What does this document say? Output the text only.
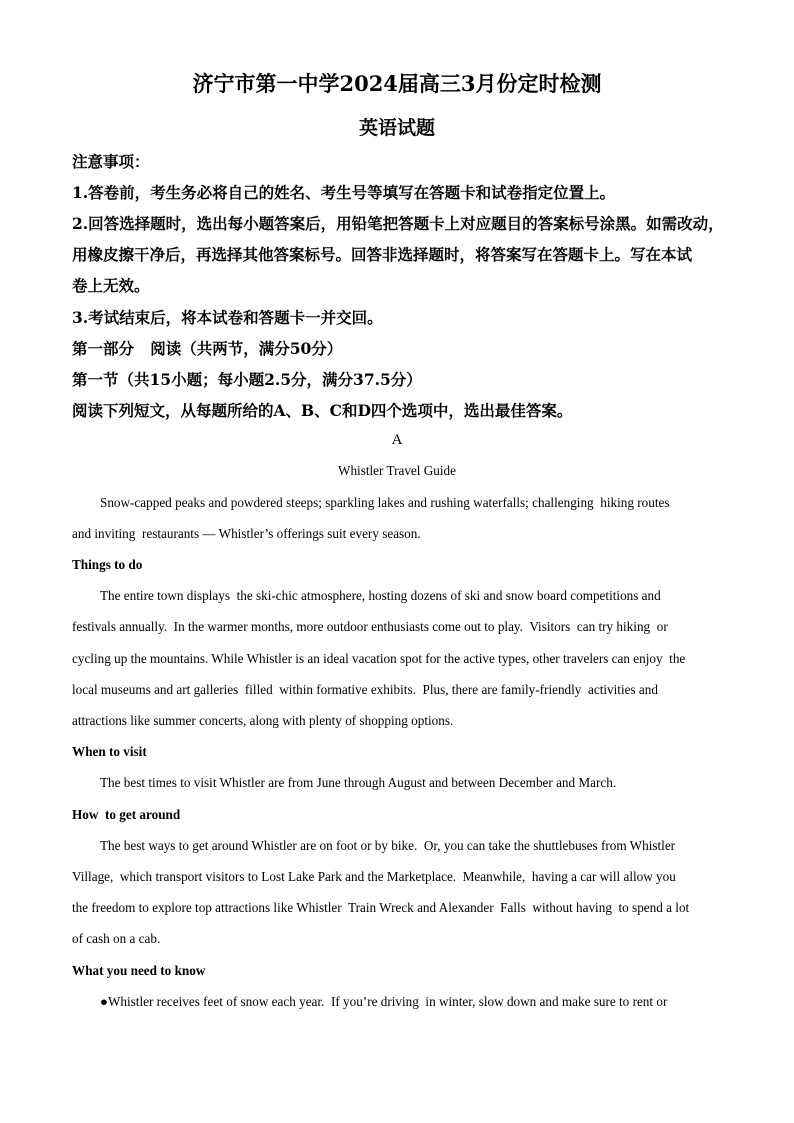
济宁市第一中学2024届高三3月份定时检测
英语试题
注意事项：
1.答卷前，考生务必将自己的姓名、考生号等填写在答题卡和试卷指定位置上。
2.回答选择题时，选出每小题答案后，用铅笔把答题卡上对应题目的答案标号涂黑。如需改动，
用橡皮擦干净后，再选择其他答案标号。回答非选择题时，将答案写在答题卡上。写在本试
卷上无效。
3.考试结束后，将本试卷和答题卡一并交回。
第一部分   阅读（共两节，满分50分）
第一节（共15小题；每小题2.5分，满分37.5分）
阅读下列短文，从每题所给的A、B、C和D四个选项中，选出最佳答案。
A
Whistler Travel Guide
Snow-capped peaks and powdered steeps; sparkling lakes and rushing waterfalls; challenging  hiking routes
and inviting  restaurants — Whistler’s offerings suit every season.
Things to do
The entire town displays  the ski-chic atmosphere, hosting dozens of ski and snow board competitions and
festivals annually.  In the warmer months, more outdoor enthusiasts come out to play.  Visitors  can try hiking  or
cycling up the mountains. While Whistler is an ideal vacation spot for the active types, other travelers can enjoy  the
local museums and art galleries  filled  within formative exhibits.  Plus, there are family-friendly  activities and
attractions like summer concerts, along with plenty of shopping options.
When to visit
The best times to visit Whistler are from June through August and between December and March.
How  to get around
The best ways to get around Whistler are on foot or by bike.  Or, you can take the shuttlebuses from Whistler
Village,  which transport visitors to Lost Lake Park and the Marketplace.  Meanwhile,  having a car will allow you
the freedom to explore top attractions like Whistler  Train Wreck and Alexander  Falls  without having  to spend a lot
of cash on a cab.
What you need to know
●Whistler receives feet of snow each year.  If you’re driving  in winter, slow down and make sure to rent or
